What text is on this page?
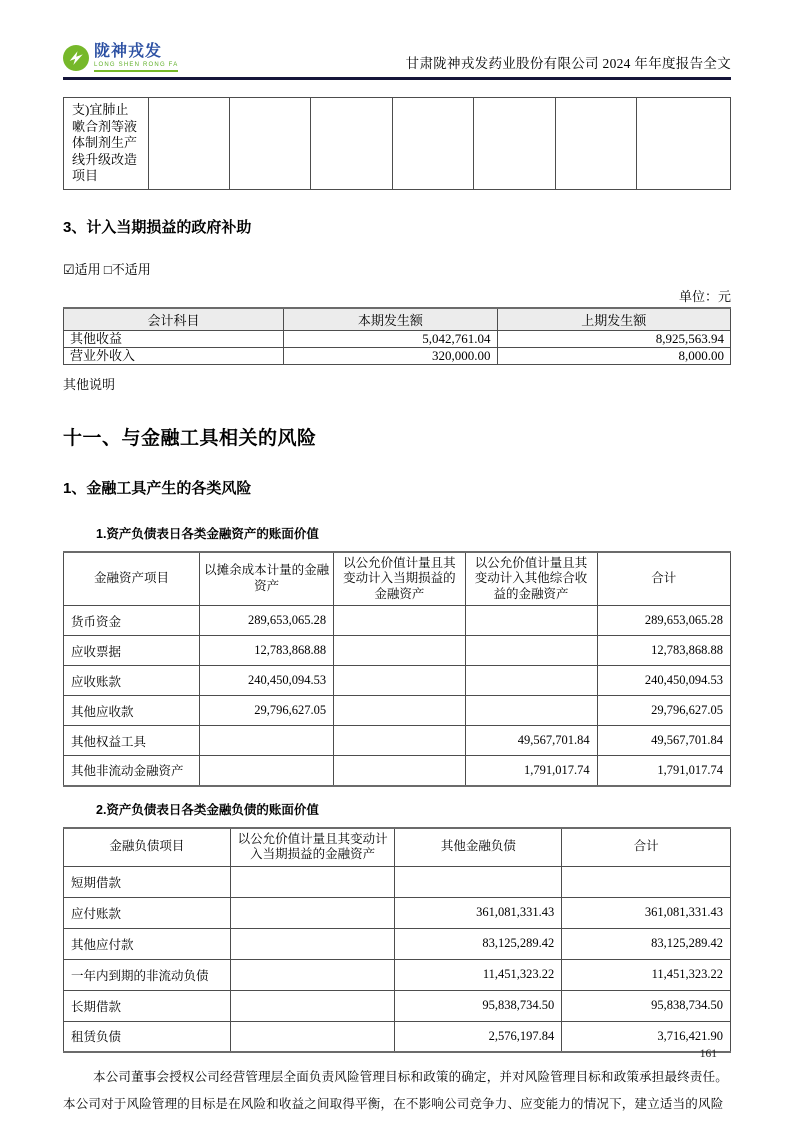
陇神戎发
LONG SHEN RONG FA	甘肃陇神戎发药业股份有限公司 2024 年年度报告全文
支)宜肺止嗽合剂等液体制剂生产线升级改造项目							
3、计入当期损益的政府补助
☑适用 □不适用
单位：元
会计科目	本期发生额	上期发生额
其他收益	5,042,761.04	8,925,563.94
营业外收入	320,000.00	8,000.00
其他说明
十一、与金融工具相关的风险
1、金融工具产生的各类风险
1.资产负债表日各类金融资产的账面价值
金融资产项目	以摊余成本计量的金融资产	以公允价值计量且其变动计入当期损益的金融资产	以公允价值计量且其变动计入其他综合收益的金融资产	合计
货币资金	289,653,065.28			289,653,065.28
应收票据	12,783,868.88			12,783,868.88
应收账款	240,450,094.53			240,450,094.53
其他应收款	29,796,627.05			29,796,627.05
其他权益工具			49,567,701.84	49,567,701.84
其他非流动金融资产			1,791,017.74	1,791,017.74
2.资产负债表日各类金融负债的账面价值
金融负债项目	以公允价值计量且其变动计入当期损益的金融资产	其他金融负债	合计
短期借款			
应付账款		361,081,331.43	361,081,331.43
其他应付款		83,125,289.42	83,125,289.42
一年内到期的非流动负债		11,451,323.22	11,451,323.22
长期借款		95,838,734.50	95,838,734.50
租赁负债		2,576,197.84	3,716,421.90
本公司董事会授权公司经营管理层全面负责风险管理目标和政策的确定，并对风险管理目标和政策承担最终责任。
本公司对于风险管理的目标是在风险和收益之间取得平衡，在不影响公司竞争力、应变能力的情况下，建立适当的风险
161
